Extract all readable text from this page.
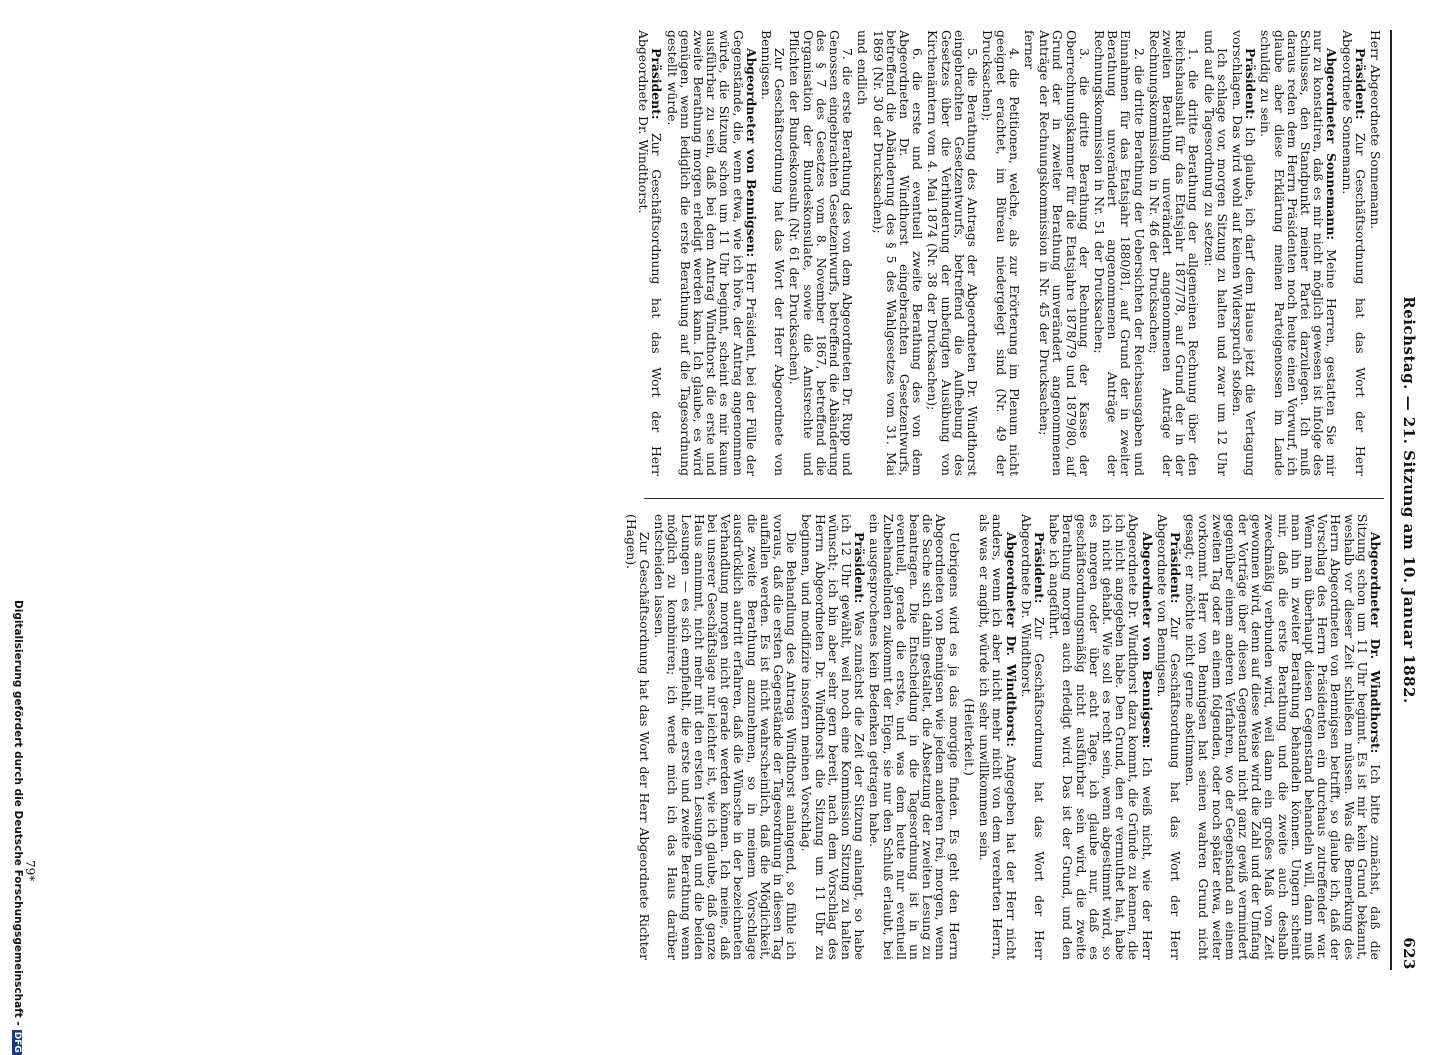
Reichstag. — 21. Sitzung am 10. Januar 1882.
623

Herr Abgeordnete Sonnemann.

Präsident: Zur Geschäftsordnung hat das Wort der Herr Abgeordnete Sonnemann.

Abgeordneter Sonnemann: Meine Herren, gestatten Sie mir nur zu konstatiren, daß es mir nicht möglich gewesen ist infolge des Schlusses, den Standpunkt meiner Partei darzulegen. Ich muß daraus reden dem Herrn Präsidenten noch heute einen Vorwurf, ich glaube aber diese Erklärung meinen Parteigenossen im Lande schuldig zu sein.

Präsident: Ich glaube, ich darf dem Hause jetzt die Vertagung vorschlagen. Das wird wohl auf keinen Widerspruch stoßen.

Ich schlage vor, morgen Sitzung zu halten und zwar um 12 Uhr und auf die Tagesordnung zu setzen:

1. die dritte Berathung der allgemeinen Rechnung über den Reichshaushalt für das Etatsjahr 1877/78, auf Grund der in der zweiten Berathung unverändert angenommenen Anträge der Rechnungskommission in Nr. 46 der Drucksachen;

2. die dritte Berathung der Uebersichten der Reichsausgaben und Einnahmen für das Etatsjahr 1880/81, auf Grund der in zweiter Berathung unverändert angenommenen Anträge der Rechnungskommission in Nr. 51 der Drucksachen;

3. die dritte Berathung der Rechnung der Kasse der Oberrechnungskammer für die Etatsjahre 1878/79 und 1879/80, auf Grund der in zweiter Berathung unverändert angenommenen Anträge der Rechnungskommission in Nr. 45 der Drucksachen;

ferner

4. die Petitionen, welche, als zur Erörterung im Plenum nicht geeignet erachtet, im Büreau niedergelegt sind (Nr. 49 der Drucksachen);

5. die Berathung des Antrags der Abgeordneten Dr. Windthorst eingebrachten Gesetzentwurfs, betreffend die Aufhebung des Gesetzes über die Verhinderung der unbefugten Ausübung von Kirchenämtern vom 4. Mai 1874 (Nr. 38 der Drucksachen);

6. die erste und eventuell zweite Berathung des von dem Abgeordneten Dr. Windthorst eingebrachten Gesetzentwurfs, betreffend die Abänderung des § 5 des Wahlgesetzes vom 31. Mai 1869 (Nr. 30 der Drucksachen);

und endlich

7. die erste Berathung des von dem Abgeordneten Dr. Rupp und Genossen eingebrachten Gesetzentwurfs, betreffend die Abänderung des § 7 des Gesetzes vom 8. November 1867, betreffend die Organisation der Bundeskonsulate, sowie die Amtsrechte und Pflichten der Bundeskonsuln (Nr. 61 der Drucksachen).

Zur Geschäftsordnung hat das Wort der Herr Abgeordnete von Bennigsen.

Abgeordneter von Bennigsen: Herr Präsident, bei der Fülle der Gegenstände, die, wenn etwa, wie ich höre, der Antrag angenommen würde, die Sitzung schon um 11 Uhr beginnt, scheint es mir kaum ausführbar zu sein, daß bei dem Antrag Windthorst die erste und zweite Berathung morgen erledigt werden kann. Ich glaube, es wird genügen, wenn lediglich die erste Berathung auf die Tagesordnung gestellt würde.

Präsident: Zur Geschäftsordnung hat das Wort der Herr Abgeordnete Dr. Windthorst.

Abgeordneter Dr. Windthorst: Ich bitte zunächst, daß die Sitzung schon um 11 Uhr beginnt. Es ist mir kein Grund bekannt, weshalb vor dieser Zeit schließen müssen. Was die Bemerkung des Herrn Abgeordneten von Bennigsen betrifft, so glaube ich, daß der Vorschlag des Herrn Präsidenten ein durchaus zutreffender war. Wenn man überhaupt diesen Gegenstand behandeln will, dann muß man ihn in zweiter Berathung behandeln können. Ungern scheint mir, daß die erste Berathung und die zweite auch deshalb zweckmäßig verbunden wird, weil dann ein großes Maß von Zeit gewonnen wird, denn auf diese Weise wird die Zahl und der Umfang der Vorträge über diesen Gegenstand nicht ganz gewiß vermindert gegenüber einem anderen Verfahren, wo der Gegenstand an einem zweiten Tag oder an einem folgenden, oder noch später etwa, weiter vorkommt. Herr von Bennigsen hat seinen wahren Grund nicht gesagt; er möchte nicht gerne abstimmen.

Präsident: Zur Geschäftsordnung hat das Wort der Herr Abgeordnete von Bennigsen.

Abgeordneter von Bennigsen: Ich weiß nicht, wie der Herr Abgeordnete Dr. Windthorst dazu kommt, die Gründe zu kennen, die ich nicht angegeben habe. Den Grund, den er vermuthet hat, habe ich nicht gehabt. Wie soll es recht sein, wenn abgestimmt wird, so es morgen oder über acht Tage, ich glaube nur, daß es geschäftsordnungsmäßig nicht ausführbar sein wird, die zweite Berathung morgen auch erledigt wird. Das ist der Grund, und den habe ich angeführt.

Präsident: Zur Geschäftsordnung hat das Wort der Herr Abgeordnete Dr. Windthorst.

Abgeordneter Dr. Windthorst: Angegeben hat der Herr nicht anders, wenn ich aber nicht mehr nicht von dem verehrten Herrn, als was er angibt, würde ich sehr unwillkommen sein.

(Heiterkeit.)

Uebrigens wird es ja das morgige finden. Es geht den Herrn Abgeordneten von Bennigsen wie jedem anderen frei, morgen, wenn die Sache sich dahin gestaltet, die Absetzung der zweiten Lesung zu beantragen. Die Entscheidung in die Tagesordnung ist in un eventuell, gerade die erste, und was dem heute nur eventuell Zubehandelnden zukommt der Eigen, sie nur den Schluß erlaubt, bei ein ausgesprochenes kein Bedenken getragen habe.

Präsident: Was zunächst die Zeit der Sitzung anlangt, so habe ich 12 Uhr gewählt, weil noch eine Kommission Sitzung zu halten wünscht; ich bin aber sehr gern bereit, nach dem Vorschlag des Herrn Abgeordneten Dr. Windthorst die Sitzung um 11 Uhr zu beginnen, und modifizire insofern meinen Vorschlag.

Die Behandlung des Antrags Windthorst anlangend, so fühle ich voraus, daß die ersten Gegenstände der Tagesordnung in diesen Tag auffallen werden. Es ist nicht wahrscheinlich, daß die Möglichkeit, die zweite Berathung anzunehmen, so in meinem Vorschlage ausdrücklich auftritt erfahren, daß die Wünsche in der bezeichneten Verhandlung morgen nicht gerade werden können. Ich meine, daß bei unserer Geschäftslage nur leichter ist, wie ich glaube, daß ganze Haus annimmt, nicht mehr mit den ersten Lesungen und die beiden Lesungen — es sich empfiehlt, die erste und zweite Berathung wenn möglich zu kombiniren; ich werde mich ich das Haus darüber entscheiden lassen.

Zur Geschäftsordnung hat das Wort der Herr Abgeordnete Richter (Hagen).

79*
Digitalisierung gefördert durch die Deutsche Forschungsgemeinschaft -DFG
